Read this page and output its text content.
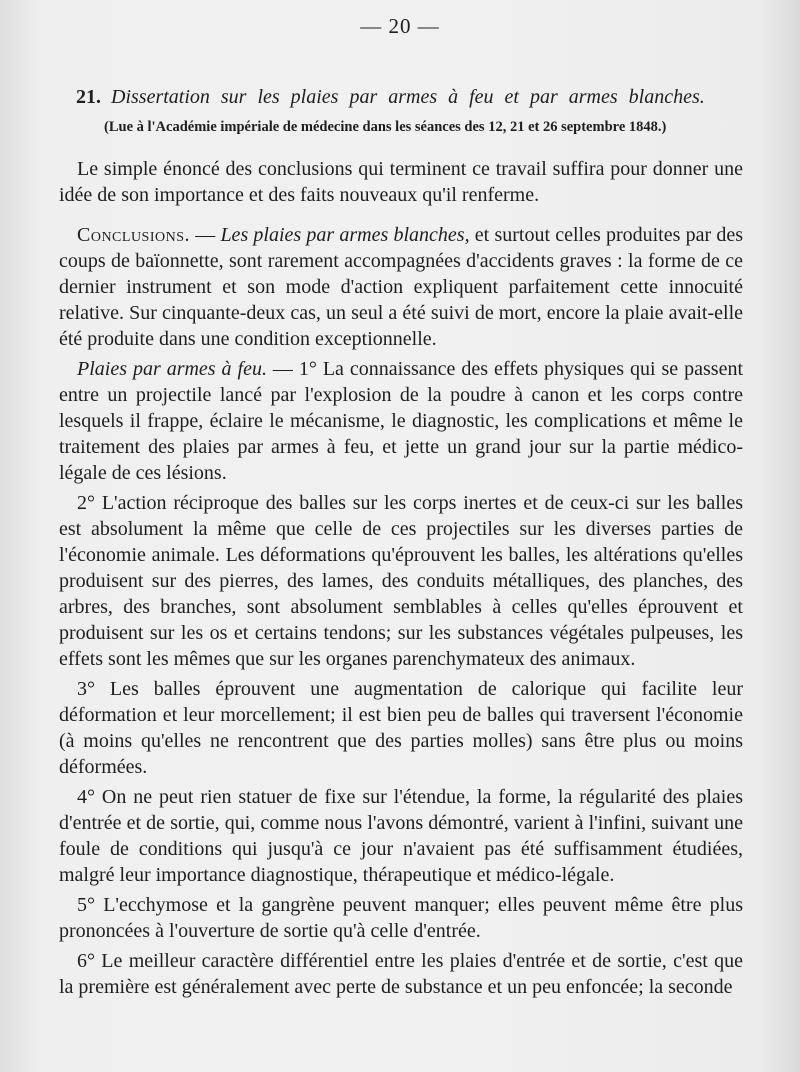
— 20 —
21. Dissertation sur les plaies par armes à feu et par armes blanches.
(Lue à l'Académie impériale de médecine dans les séances des 12, 21 et 26 septembre 1848.)

Le simple énoncé des conclusions qui terminent ce travail suffira pour donner une idée de son importance et des faits nouveaux qu'il renferme.

Conclusions. — Les plaies par armes blanches, et surtout celles produites par des coups de baïonnette, sont rarement accompagnées d'accidents graves : la forme de ce dernier instrument et son mode d'action expliquent parfaitement cette innocuité relative. Sur cinquante-deux cas, un seul a été suivi de mort, encore la plaie avait-elle été produite dans une condition exceptionnelle.

Plaies par armes à feu. — 1° La connaissance des effets physiques qui se passent entre un projectile lancé par l'explosion de la poudre à canon et les corps contre lesquels il frappe, éclaire le mécanisme, le diagnostic, les complications et même le traitement des plaies par armes à feu, et jette un grand jour sur la partie médico-légale de ces lésions.

2° L'action réciproque des balles sur les corps inertes et de ceux-ci sur les balles est absolument la même que celle de ces projectiles sur les diverses parties de l'économie animale. Les déformations qu'éprouvent les balles, les altérations qu'elles produisent sur des pierres, des lames, des conduits métalliques, des planches, des arbres, des branches, sont absolument semblables à celles qu'elles éprouvent et produisent sur les os et certains tendons; sur les substances végétales pulpeuses, les effets sont les mêmes que sur les organes parenchymateux des animaux.

3° Les balles éprouvent une augmentation de calorique qui facilite leur déformation et leur morcellement; il est bien peu de balles qui traversent l'économie (à moins qu'elles ne rencontrent que des parties molles) sans être plus ou moins déformées.

4° On ne peut rien statuer de fixe sur l'étendue, la forme, la régularité des plaies d'entrée et de sortie, qui, comme nous l'avons démontré, varient à l'infini, suivant une foule de conditions qui jusqu'à ce jour n'avaient pas été suffisamment étudiées, malgré leur importance diagnostique, thérapeutique et médico-légale.

5° L'ecchymose et la gangrène peuvent manquer; elles peuvent même être plus prononcées à l'ouverture de sortie qu'à celle d'entrée.

6° Le meilleur caractère différentiel entre les plaies d'entrée et de sortie, c'est que la première est généralement avec perte de substance et un peu enfoncée; la seconde
